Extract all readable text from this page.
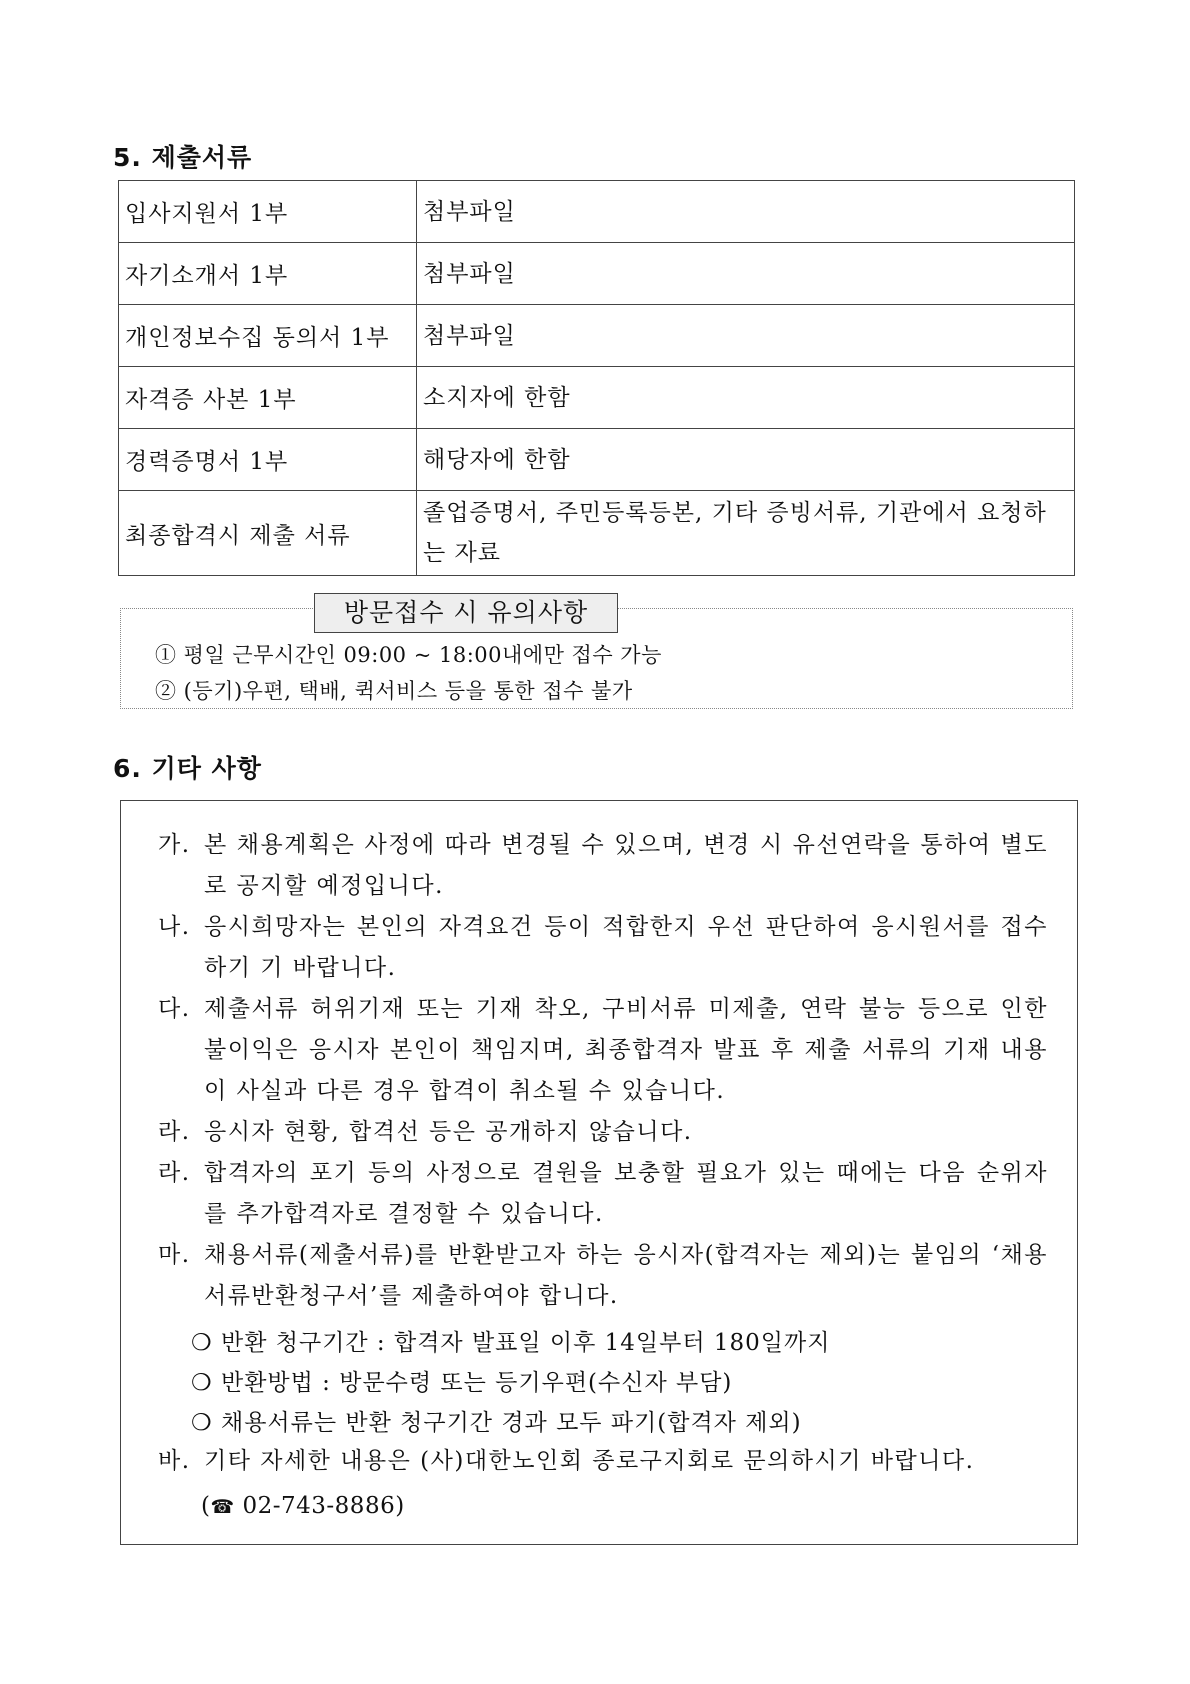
5. 제출서류
입사지원서 1부	첨부파일
자기소개서 1부	첨부파일
개인정보수집 동의서 1부	첨부파일
자격증 사본 1부	소지자에 한함
경력증명서 1부	해당자에 한함
최종합격시 제출 서류	졸업증명서, 주민등록등본, 기타 증빙서류, 기관에서 요청하는 자료
방문접수 시 유의사항
① 평일 근무시간인 09:00 ~ 18:00내에만 접수 가능
② (등기)우편, 택배, 퀵서비스 등을 통한 접수 불가
6. 기타 사항
가. 본 채용계획은 사정에 따라 변경될 수 있으며, 변경 시 유선연락을 통하여 별도로 공지할 예정입니다.
나. 응시희망자는 본인의 자격요건 등이 적합한지 우선 판단하여 응시원서를 접수하기 기 바랍니다.
다. 제출서류 허위기재 또는 기재 착오, 구비서류 미제출, 연락 불능 등으로 인한 불이익은 응시자 본인이 책임지며, 최종합격자 발표 후 제출 서류의 기재 내용이 사실과 다른 경우 합격이 취소될 수 있습니다.
라. 응시자 현황, 합격선 등은 공개하지 않습니다.
라. 합격자의 포기 등의 사정으로 결원을 보충할 필요가 있는 때에는 다음 순위자를 추가합격자로 결정할 수 있습니다.
마. 채용서류(제출서류)를 반환받고자 하는 응시자(합격자는 제외)는 붙임의 ‘채용서류반환청구서’를 제출하여야 합니다.
❍ 반환 청구기간 : 합격자 발표일 이후 14일부터 180일까지
❍ 반환방법 : 방문수령 또는 등기우편(수신자 부담)
❍ 채용서류는 반환 청구기간 경과 모두 파기(합격자 제외)
바. 기타 자세한 내용은 (사)대한노인회 종로구지회로 문의하시기 바랍니다.
(☎ 02-743-8886)
